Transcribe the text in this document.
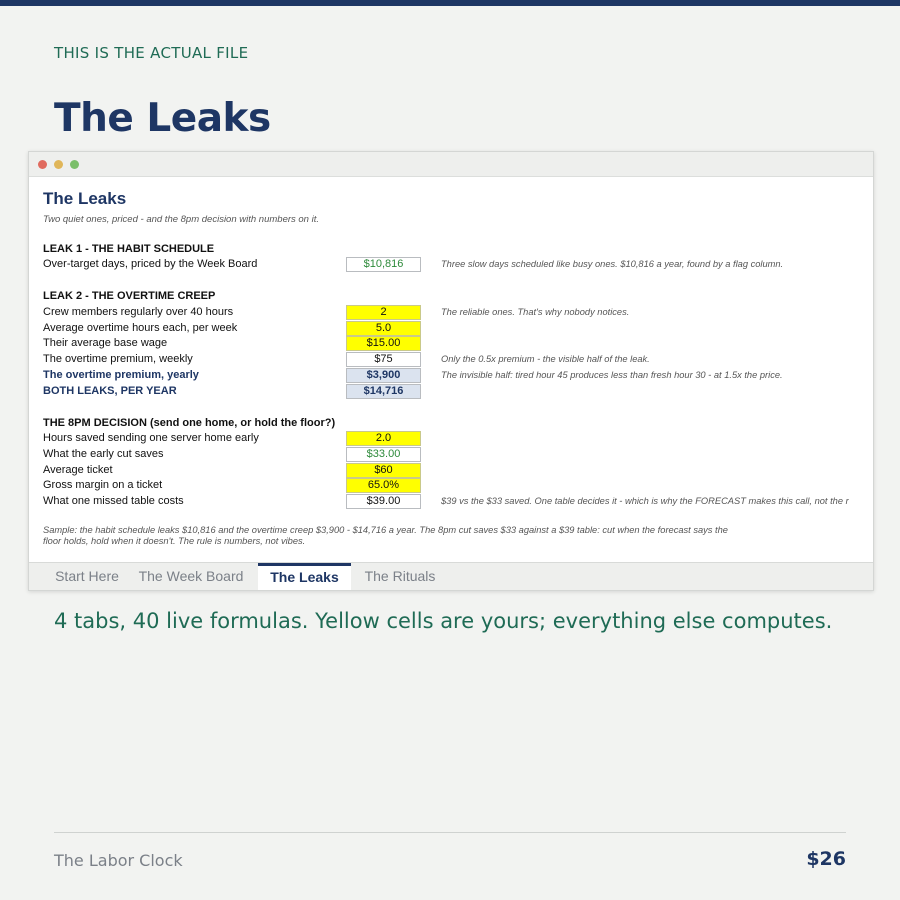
THIS IS THE ACTUAL FILE
The Leaks
The Leaks
Two quiet ones, priced - and the 8pm decision with numbers on it.
LEAK 1 - THE HABIT SCHEDULE
Over-target days, priced by the Week Board	$10,816	Three slow days scheduled like busy ones. $10,816 a year, found by a flag column.
LEAK 2 - THE OVERTIME CREEP
Crew members regularly over 40 hours	2	The reliable ones. That's why nobody notices.
Average overtime hours each, per week	5.0
Their average base wage	$15.00
The overtime premium, weekly	$75	Only the 0.5x premium - the visible half of the leak.
The overtime premium, yearly	$3,900	The invisible half: tired hour 45 produces less than fresh hour 30 - at 1.5x the price.
BOTH LEAKS, PER YEAR	$14,716
THE 8PM DECISION (send one home, or hold the floor?)
Hours saved sending one server home early	2.0
What the early cut saves	$33.00
Average ticket	$60
Gross margin on a ticket	65.0%
What one missed table costs	$39.00	$39 vs the $33 saved. One table decides it - which is why the FORECAST makes this call, not the r
Sample: the habit schedule leaks $10,816 and the overtime creep $3,900 - $14,716 a year. The 8pm cut saves $33 against a $39 table: cut when the forecast says the
floor holds, hold when it doesn't. The rule is numbers, not vibes.
Start Here	The Week Board	The Leaks	The Rituals
4 tabs, 40 live formulas. Yellow cells are yours; everything else computes.
The Labor Clock	$26
